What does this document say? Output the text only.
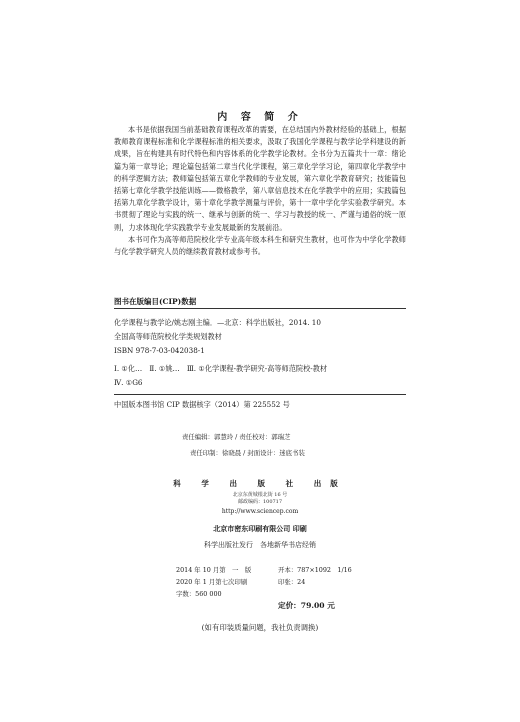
内 容 简 介

本书是依据我国当前基础教育课程改革的需要，在总结国内外教材经验的基础上，根据教师教育课程标准和化学课程标准的相关要求，汲取了我国化学课程与教学论学科建设的新成果，旨在构建具有时代特色和内容体系的化学教学论教材。全书分为五篇共十一章：绪论篇为第一章导论；理论篇包括第二章当代化学课程，第三章化学学习论，第四章化学教学中的科学逻辑方法；教师篇包括第五章化学教师的专业发展，第六章化学教育研究；技能篇包括第七章化学教学技能训练——微格教学，第八章信息技术在化学教学中的应用；实践篇包括第九章化学教学设计，第十章化学教学测量与评价，第十一章中学化学实验教学研究。本书贯彻了理论与实践的统一、继承与创新的统一、学习与教授的统一、严谨与通俗的统一原则，力求体现化学实践教学专业发展最新的发展前沿。

本书可作为高等师范院校化学专业高年级本科生和研究生教材，也可作为中学化学教师与化学教学研究人员的继续教育教材或参考书。

图书在版编目(CIP)数据
化学课程与教学论/姚志刚主编．—北京：科学出版社，2014. 10
全国高等师范院校化学类规划教材
ISBN 978-7-03-042038-1
Ⅰ. ①化…　Ⅱ. ①姚…　Ⅲ. ①化学课程-教学研究-高等师范院校-教材
Ⅳ. ①G6
中国版本图书馆 CIP 数据核字（2014）第 225552 号
责任编辑：郭慧玲 / 责任校对：郭瑞芝
责任印制：徐晓晨 / 封面设计：迷底书装
科 学 出 版 社 出版
北京东黄城根北街 16 号
邮政编码：100717
http://www.sciencep.com
北京市密东印刷有限公司 印刷
科学出版社发行　各地新华书店经销
2014 年 10 月第　一　版	开本：787×1092　1/16
2020 年 1 月第七次印刷	印张：24
字数：560 000
定价：79.00 元
(如有印装质量问题，我社负责调换)
